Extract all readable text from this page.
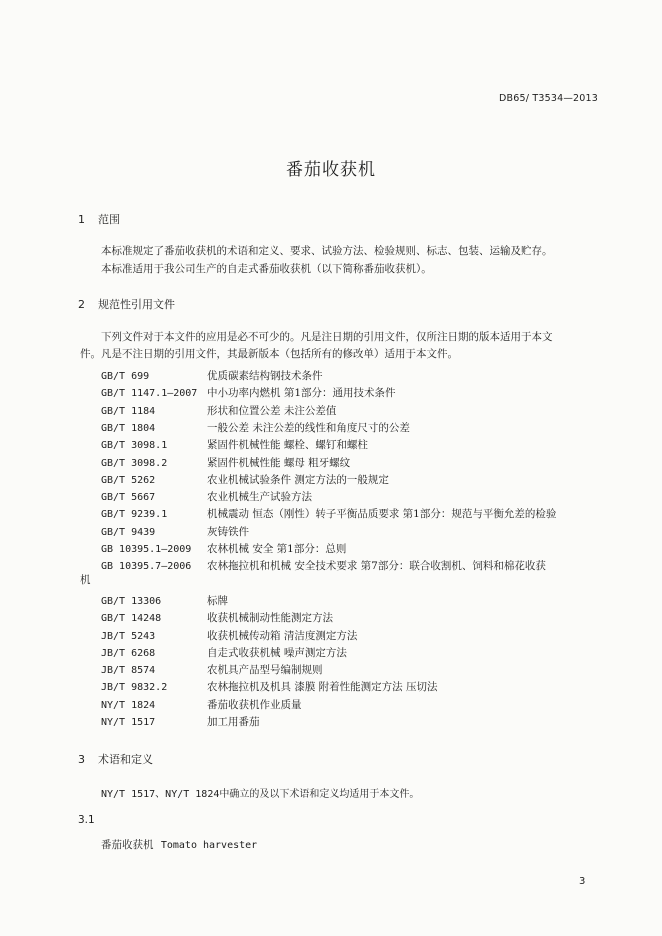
DB65/ T3534—2013
番茄收获机
1 范围
本标准规定了番茄收获机的术语和定义、要求、试验方法、检验规则、标志、包装、运输及贮存。
本标准适用于我公司生产的自走式番茄收获机（以下简称番茄收获机）。
2 规范性引用文件
下列文件对于本文件的应用是必不可少的。凡是注日期的引用文件，仅所注日期的版本适用于本文
件。凡是不注日期的引用文件，其最新版本（包括所有的修改单）适用于本文件。
GB/T 699	优质碳素结构钢技术条件
GB/T 1147.1—2007 中小功率内燃机 第1部分：通用技术条件
GB/T 1184	形状和位置公差 未注公差值
GB/T 1804	一般公差 未注公差的线性和角度尺寸的公差
GB/T 3098.1	紧固件机械性能 螺栓、螺钉和螺柱
GB/T 3098.2	紧固件机械性能 螺母 粗牙螺纹
GB/T 5262	农业机械试验条件 测定方法的一般规定
GB/T 5667	农业机械生产试验方法
GB/T 9239.1	机械震动 恒态（刚性）转子平衡品质要求 第1部分：规范与平衡允差的检验
GB/T 9439	灰铸铁件
GB 10395.1—2009 农林机械 安全 第1部分：总则
GB 10395.7—2006 农林拖拉机和机械 安全技术要求 第7部分：联合收割机、饲料和棉花收获
机
GB/T 13306	标牌
GB/T 14248	收获机械制动性能测定方法
JB/T 5243	收获机械传动箱 清洁度测定方法
JB/T 6268	自走式收获机械 噪声测定方法
JB/T 8574	农机具产品型号编制规则
JB/T 9832.2	农林拖拉机及机具 漆膜 附着性能测定方法 压切法
NY/T 1824	番茄收获机作业质量
NY/T 1517	加工用番茄
3 术语和定义
NY/T 1517、NY/T 1824中确立的及以下术语和定义均适用于本文件。
3.1
番茄收获机 Tomato harvester
3
